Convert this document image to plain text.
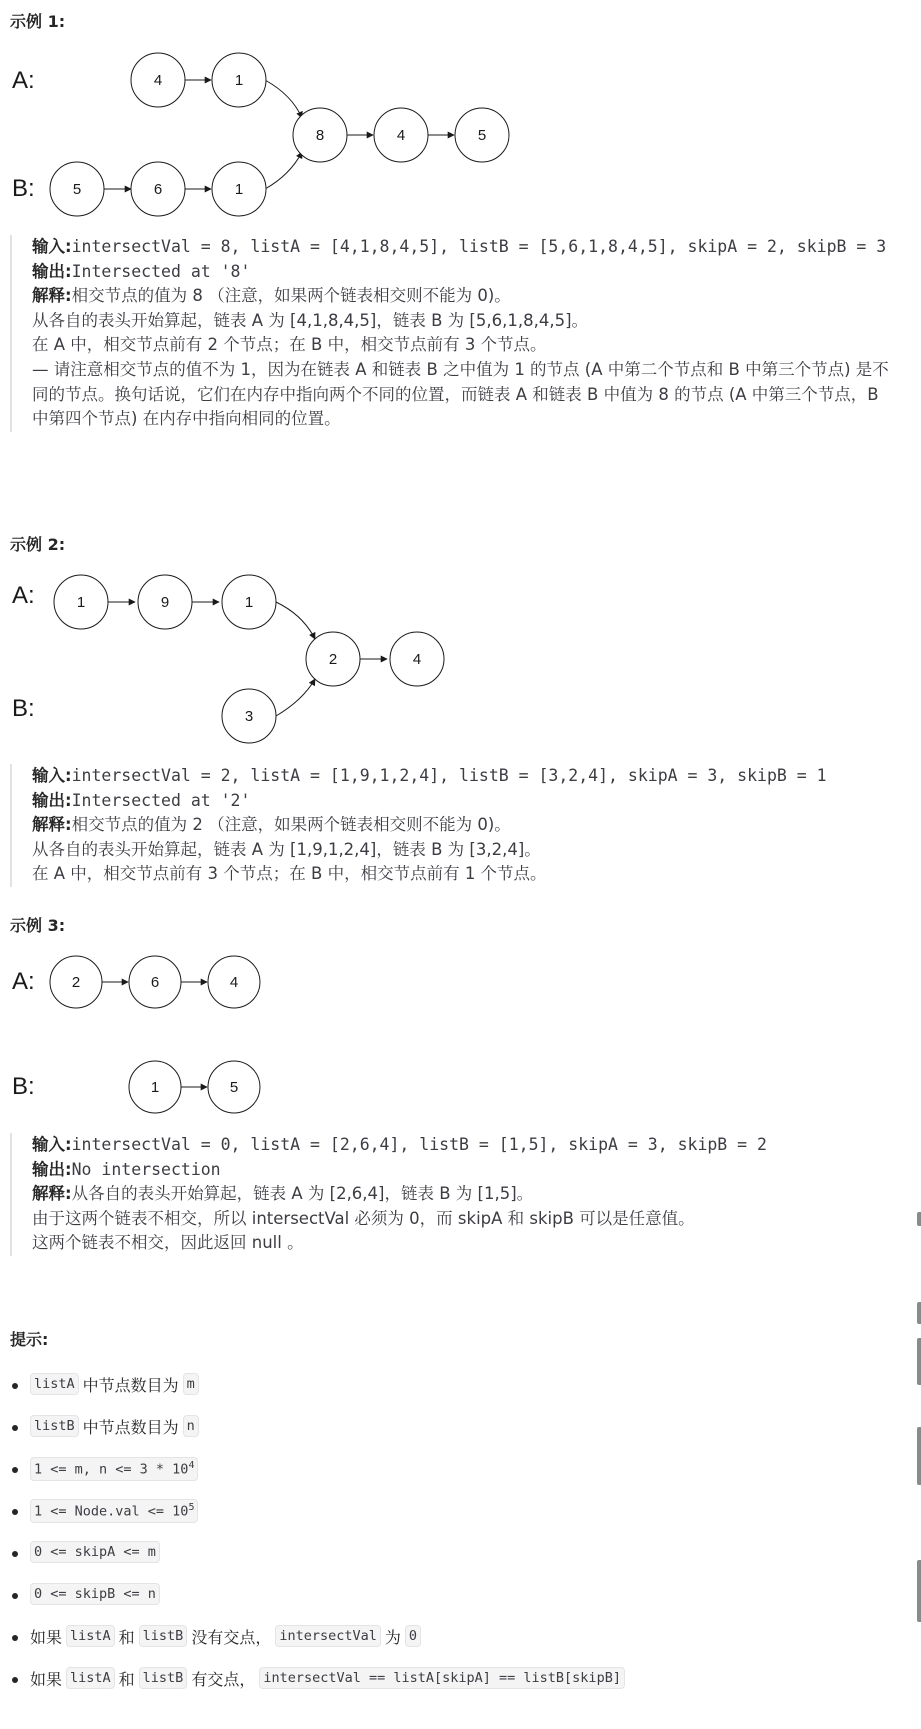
示例 1:
A:
B:
4	1
8	4	5
5	6	1
输入:intersectVal = 8, listA = [4,1,8,4,5], listB = [5,6,1,8,4,5], skipA = 2, skipB = 3
输出:Intersected at '8'
解释:相交节点的值为 8 （注意，如果两个链表相交则不能为 0)。
从各自的表头开始算起，链表 A 为 [4,1,8,4,5]，链表 B 为 [5,6,1,8,4,5]。
在 A 中，相交节点前有 2 个节点；在 B 中，相交节点前有 3 个节点。
— 请注意相交节点的值不为 1，因为在链表 A 和链表 B 之中值为 1 的节点 (A 中第二个节点和 B 中第三个节点) 是不同的节点。换句话说，它们在内存中指向两个不同的位置，而链表 A 和链表 B 中值为 8 的节点 (A 中第三个节点，B 中第四个节点) 在内存中指向相同的位置。
示例 2:
A:
B:
1	9	1
2	4
3
输入:intersectVal = 2, listA = [1,9,1,2,4], listB = [3,2,4], skipA = 3, skipB = 1
输出:Intersected at '2'
解释:相交节点的值为 2 （注意，如果两个链表相交则不能为 0)。
从各自的表头开始算起，链表 A 为 [1,9,1,2,4]，链表 B 为 [3,2,4]。
在 A 中，相交节点前有 3 个节点；在 B 中，相交节点前有 1 个节点。
示例 3:
A:
B:
2	6	4
1	5
输入:intersectVal = 0, listA = [2,6,4], listB = [1,5], skipA = 3, skipB = 2
输出:No intersection
解释:从各自的表头开始算起，链表 A 为 [2,6,4]，链表 B 为 [1,5]。
由于这两个链表不相交，所以 intersectVal 必须为 0，而 skipA 和 skipB 可以是任意值。
这两个链表不相交，因此返回 null 。
提示:
listA 中节点数目为 m
listB 中节点数目为 n
1 <= m, $n <= 3 * 10^4$
1 <= Node.val <= $10^5$
0 <= skipA <= m
0 <= skipB <= n
如果 listA 和 listB 没有交点， intersectVal 为 0
如果 listA 和 listB 有交点， intersectVal == listA[skipA] == listB[skipB]
